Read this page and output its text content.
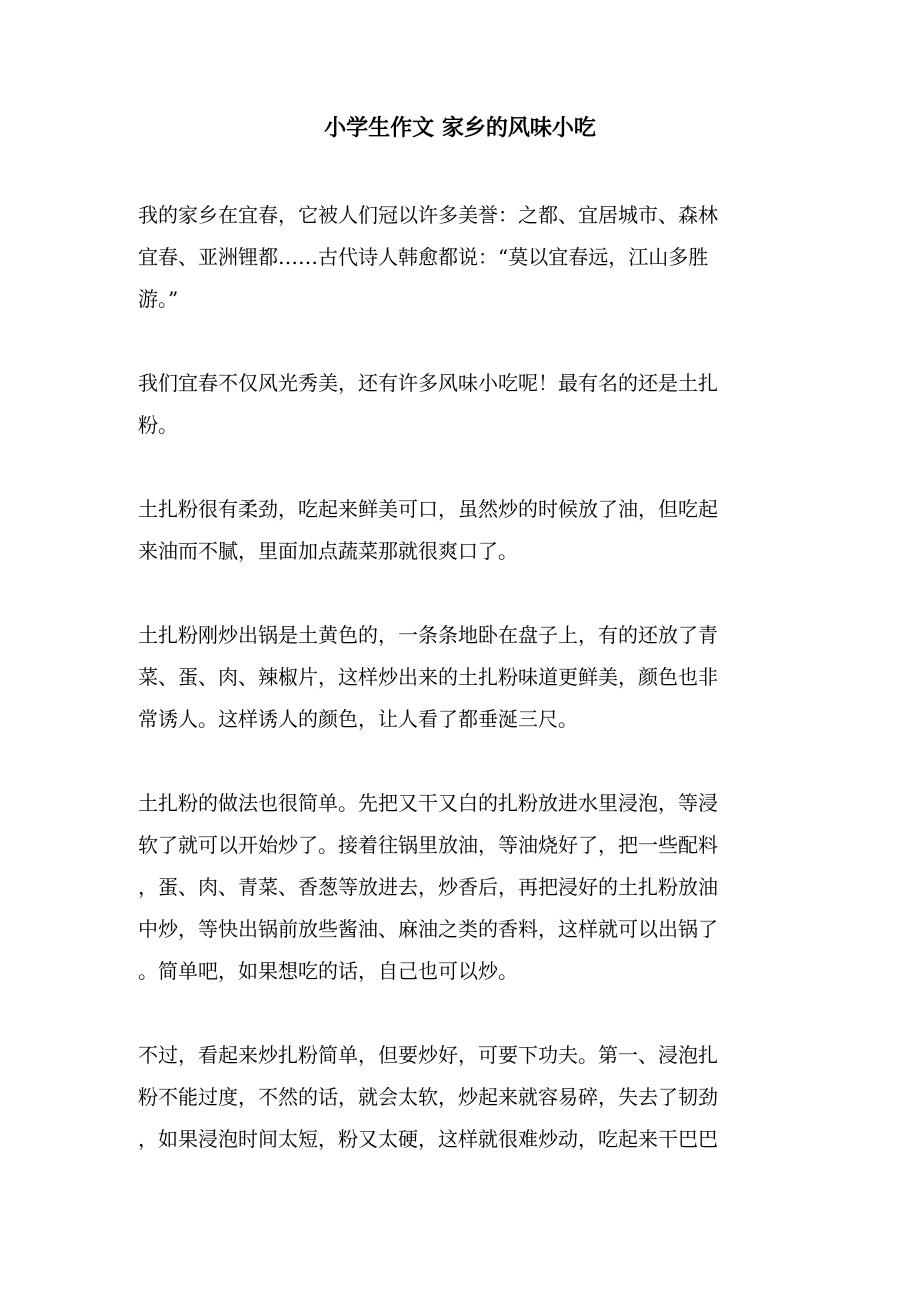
小学生作文 家乡的风味小吃

我的家乡在宜春，它被人们冠以许多美誉：之都、宜居城市、森林

宜春、亚洲锂都……古代诗人韩愈都说：“莫以宜春远，江山多胜

游。”

我们宜春不仅风光秀美，还有许多风味小吃呢！最有名的还是土扎

粉。

土扎粉很有柔劲，吃起来鲜美可口，虽然炒的时候放了油，但吃起

来油而不腻，里面加点蔬菜那就很爽口了。

土扎粉刚炒出锅是土黄色的，一条条地卧在盘子上，有的还放了青

菜、蛋、肉、辣椒片，这样炒出来的土扎粉味道更鲜美，颜色也非

常诱人。这样诱人的颜色，让人看了都垂涎三尺。

土扎粉的做法也很简单。先把又干又白的扎粉放进水里浸泡，等浸

软了就可以开始炒了。接着往锅里放油，等油烧好了，把一些配料

，蛋、肉、青菜、香葱等放进去，炒香后，再把浸好的土扎粉放油

中炒，等快出锅前放些酱油、麻油之类的香料，这样就可以出锅了

。简单吧，如果想吃的话，自己也可以炒。

不过，看起来炒扎粉简单，但要炒好，可要下功夫。第一、浸泡扎

粉不能过度，不然的话，就会太软，炒起来就容易碎，失去了韧劲

，如果浸泡时间太短，粉又太硬，这样就很难炒动，吃起来干巴巴
